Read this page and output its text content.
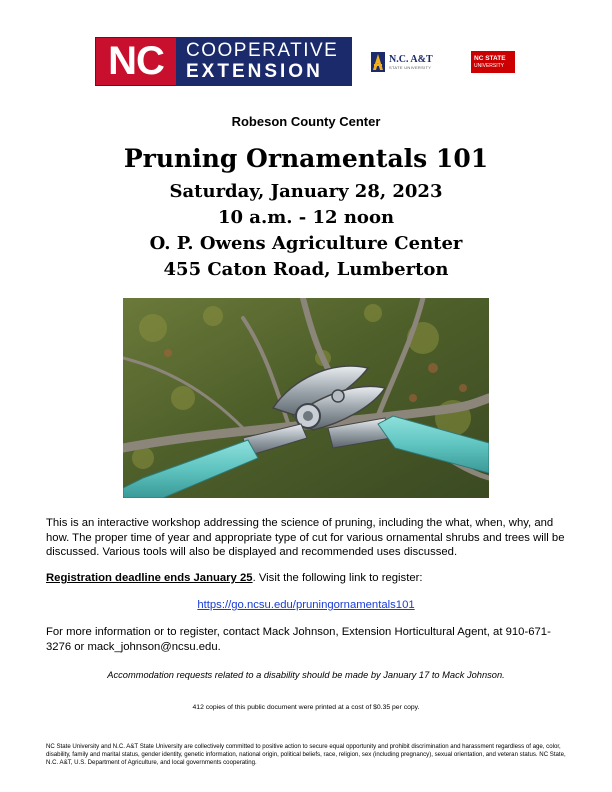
NC	COOPERATIVE
EXTENSION
N.C. A&T
STATE UNIVERSITY
NC STATE
UNIVERSITY
Robeson County Center
Pruning Ornamentals 101
Saturday, January 28, 2023
10 a.m. - 12 noon
O. P. Owens Agriculture Center
455 Caton Road, Lumberton
This is an interactive workshop addressing the science of pruning, including the what, when, why, and how. The proper time of year and appropriate type of cut for various ornamental shrubs and trees will be discussed. Various tools will also be displayed and recommended uses discussed.
Registration deadline ends January 25. Visit the following link to register:
https://go.ncsu.edu/pruningornamentals101
For more information or to register, contact Mack Johnson, Extension Horticultural Agent, at 910-671-3276 or mack_johnson@ncsu.edu.
Accommodation requests related to a disability should be made by January 17 to Mack Johnson.
412 copies of this public document were printed at a cost of $0.35 per copy.
NC State University and N.C. A&T State University are collectively committed to positive action to secure equal opportunity and prohibit discrimination and harassment regardless of age, color, disability, family and marital status, gender identity, genetic information, national origin, political beliefs, race, religion, sex (including pregnancy), sexual orientation, and veteran status. NC State, N.C. A&T, U.S. Department of Agriculture, and local governments cooperating.
